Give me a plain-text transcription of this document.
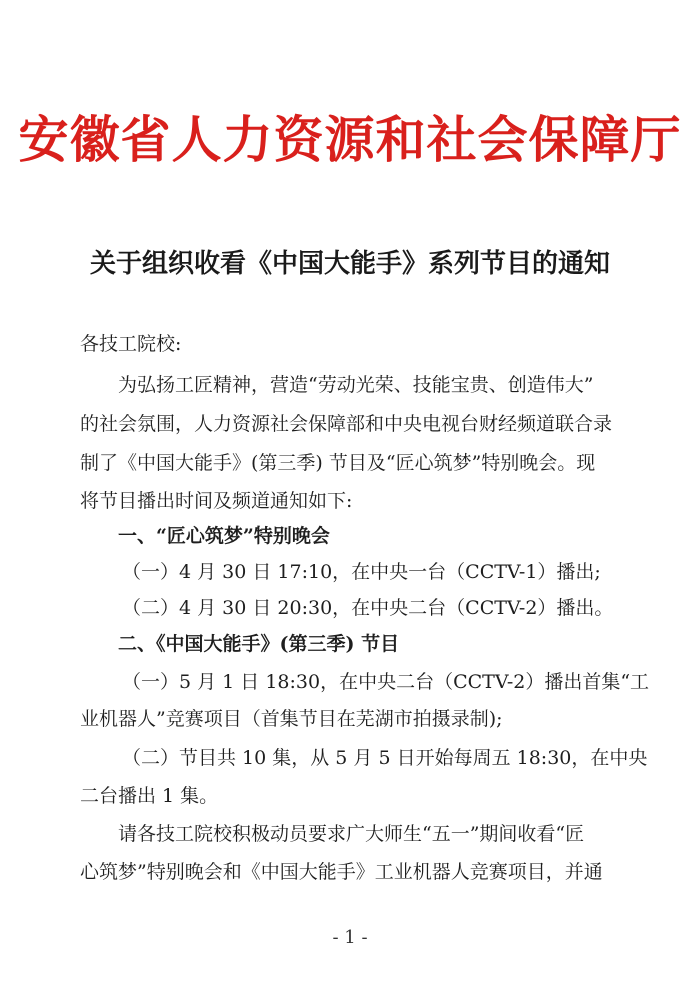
安徽省人力资源和社会保障厅
关于组织收看《中国大能手》系列节目的通知
各技工院校:
为弘扬工匠精神，营造“劳动光荣、技能宝贵、创造伟大”
的社会氛围，人力资源社会保障部和中央电视台财经频道联合录
制了《中国大能手》(第三季) 节目及“匠心筑梦”特别晚会。现
将节目播出时间及频道通知如下:
一、“匠心筑梦”特别晚会
（一）4 月 30 日 17:10，在中央一台（CCTV-1）播出;
（二）4 月 30 日 20:30，在中央二台（CCTV-2）播出。
二、《中国大能手》(第三季) 节目
（一）5 月 1 日 18:30，在中央二台（CCTV-2）播出首集“工
业机器人”竞赛项目（首集节目在芜湖市拍摄录制);
（二）节目共 10 集，从 5 月 5 日开始每周五 18:30，在中央
二台播出 1 集。
请各技工院校积极动员要求广大师生“五一”期间收看“匠
心筑梦”特别晚会和《中国大能手》工业机器人竞赛项目，并通
- 1 -
